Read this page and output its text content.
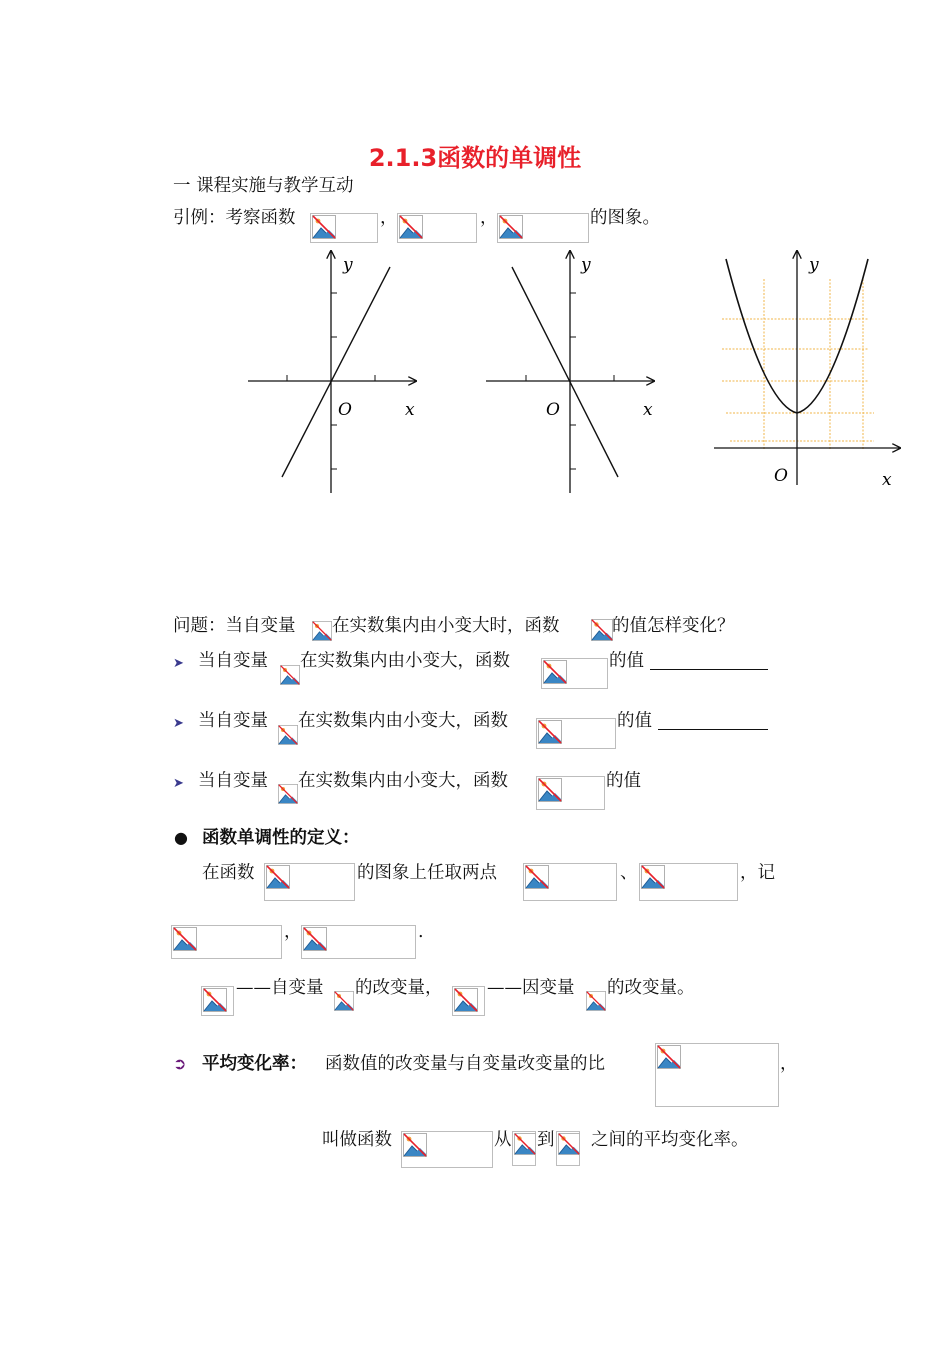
2.1.3函数的单调性
一 课程实施与教学互动
引例：考察函数	，	，	的图象。
y
x
O
y
x
O
y
x
O
问题：当自变量 在实数集内由小变大时，函数	的值怎样变化？
➤ 当自变量 在实数集内由小变大，函数	的值
➤ 当自变量 在实数集内由小变大，函数	的值
➤ 当自变量 在实数集内由小变大，函数	的值
● 函数单调性的定义：
在函数	的图象上任取两点	、	，记
，	.
——自变量 的改变量，	——因变量 的改变量。
➲ 平均变化率： 函数值的改变量与自变量改变量的比	，
叫做函数	从 到 之间的平均变化率。
